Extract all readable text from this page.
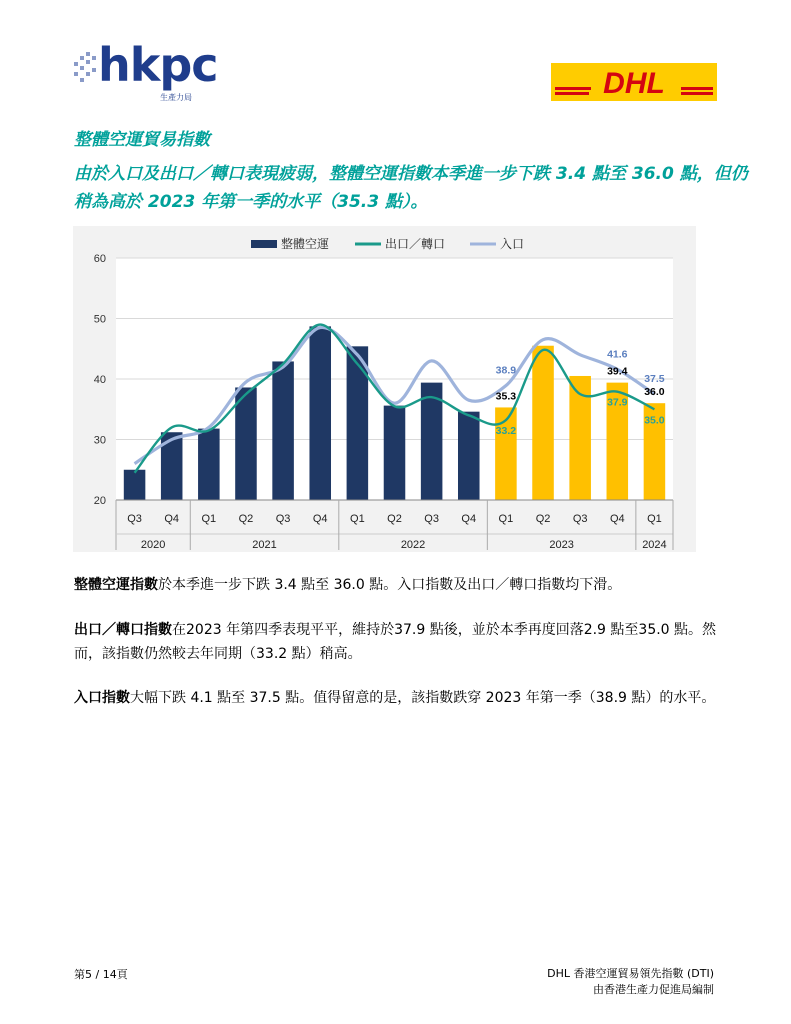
hkpc
生產力局	DHL
整體空運貿易指數
由於入口及出口／轉口表現疲弱，整體空運指數本季進一步下跌 3.4 點至 36.0 點，但仍稍為高於 2023 年第一季的水平（35.3 點）。
20
30
40
50
60
35.3
33.2
38.9	39.4
37.9
41.6
36.0
35.0
37.5
Q3 Q4 Q1 Q2 Q3 Q4 Q1 Q2 Q3 Q4 Q1 Q2 Q3 Q4 Q1
2020	2021	2022	2023	2024
整體空運	出口／轉口	入口
整體空運指數於本季進一步下跌 3.4 點至 36.0 點。入口指數及出口／轉口指數均下滑。
出口／轉口指數在2023 年第四季表現平平，維持於37.9 點後，並於本季再度回落2.9 點至35.0 點。然而，該指數仍然較去年同期（33.2 點）稍高。
入口指數大幅下跌 4.1 點至 37.5 點。值得留意的是，該指數跌穿 2023 年第一季（38.9 點）的水平。
第5 / 14頁	DHL 香港空運貿易領先指數 (DTI)
由香港生產力促進局編制
